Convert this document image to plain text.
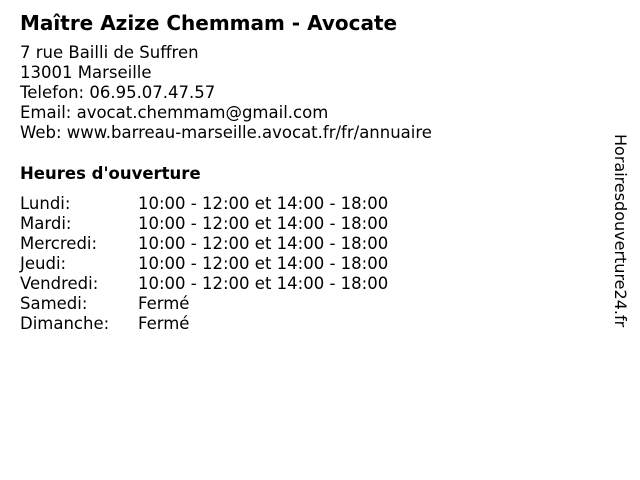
Maître Azize Chemmam - Avocate
7 rue Bailli de Suffren
13001 Marseille
Telefon: 06.95.07.47.57
Email: avocat.chemmam@gmail.com
Web: www.barreau-marseille.avocat.fr/fr/annuaire
Heures d'ouverture
Lundi:	10:00 - 12:00 et 14:00 - 18:00
Mardi:	10:00 - 12:00 et 14:00 - 18:00
Mercredi: 10:00 - 12:00 et 14:00 - 18:00
Jeudi:	10:00 - 12:00 et 14:00 - 18:00
Vendredi: 10:00 - 12:00 et 14:00 - 18:00
Samedi:	Fermé
Dimanche: Fermé	Horairesdouverture24.fr
